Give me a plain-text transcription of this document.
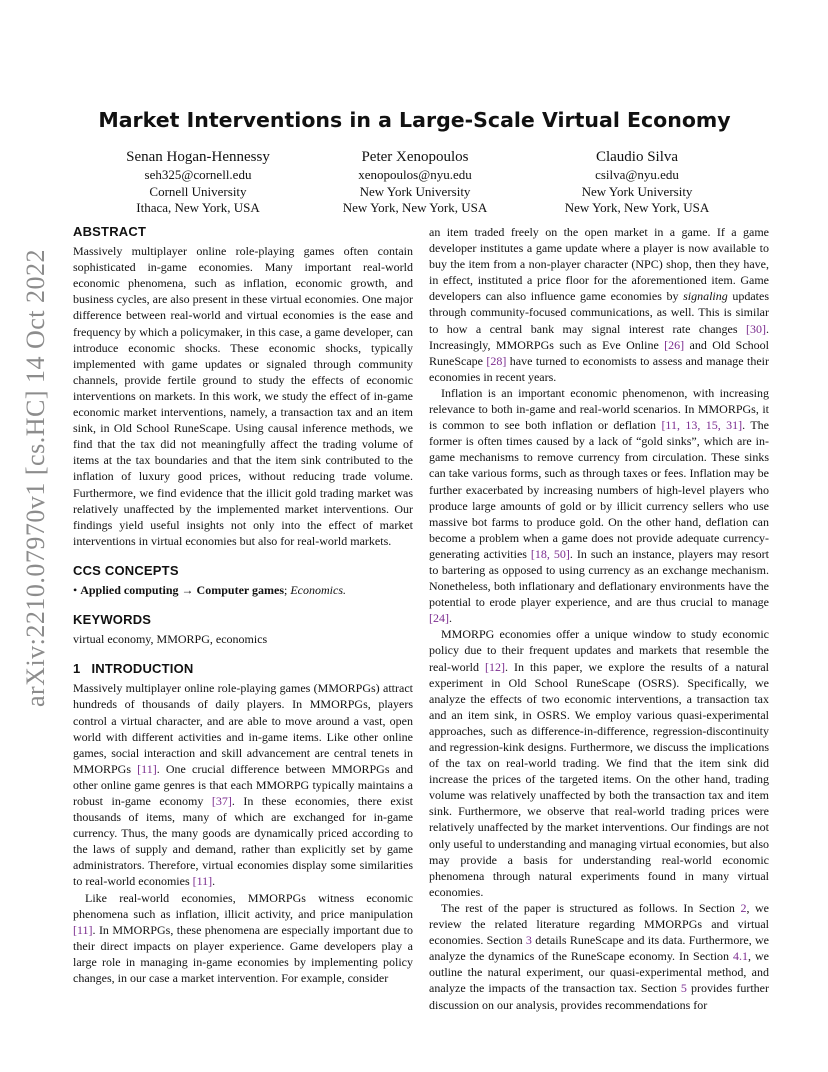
arXiv:2210.07970v1 [cs.HC] 14 Oct 2022
Market Interventions in a Large-Scale Virtual Economy
Senan Hogan-Hennessy
seh325@cornell.edu
Cornell University
Ithaca, New York, USA
Peter Xenopoulos
xenopoulos@nyu.edu
New York University
New York, New York, USA
Claudio Silva
csilva@nyu.edu
New York University
New York, New York, USA
ABSTRACT

Massively multiplayer online role-playing games often contain sophisticated in-game economies. Many important real-world economic phenomena, such as inflation, economic growth, and business cycles, are also present in these virtual economies. One major difference between real-world and virtual economies is the ease and frequency by which a policymaker, in this case, a game developer, can introduce economic shocks. These economic shocks, typically implemented with game updates or signaled through community channels, provide fertile ground to study the effects of economic interventions on markets. In this work, we study the effect of in-game economic market interventions, namely, a transaction tax and an item sink, in Old School RuneScape. Using causal inference methods, we find that the tax did not meaningfully affect the trading volume of items at the tax boundaries and that the item sink contributed to the inflation of luxury good prices, without reducing trade volume. Furthermore, we find evidence that the illicit gold trading market was relatively unaffected by the implemented market interventions. Our findings yield useful insights not only into the effect of market interventions in virtual economies but also for real-world markets.

CCS CONCEPTS

• Applied computing → Computer games; Economics.

KEYWORDS

virtual economy, MMORPG, economics

1 INTRODUCTION

Massively multiplayer online role-playing games (MMORPGs) attract hundreds of thousands of daily players. In MMORPGs, players control a virtual character, and are able to move around a vast, open world with different activities and in-game items. Like other online games, social interaction and skill advancement are central tenets in MMORPGs [11]. One crucial difference between MMORPGs and other online game genres is that each MMORPG typically maintains a robust in-game economy [37]. In these economies, there exist thousands of items, many of which are exchanged for in-game currency. Thus, the many goods are dynamically priced according to the laws of supply and demand, rather than explicitly set by game administrators. Therefore, virtual economies display some similarities to real-world economies [11].

Like real-world economies, MMORPGs witness economic phenomena such as inflation, illicit activity, and price manipulation [11]. In MMORPGs, these phenomena are especially important due to their direct impacts on player experience. Game developers play a large role in managing in-game economies by implementing policy changes, in our case a market intervention. For example, consider

an item traded freely on the open market in a game. If a game developer institutes a game update where a player is now available to buy the item from a non-player character (NPC) shop, then they have, in effect, instituted a price floor for the aforementioned item. Game developers can also influence game economies by signaling updates through community-focused communications, as well. This is similar to how a central bank may signal interest rate changes [30]. Increasingly, MMORPGs such as Eve Online [26] and Old School RuneScape [28] have turned to economists to assess and manage their economies in recent years.

Inflation is an important economic phenomenon, with increasing relevance to both in-game and real-world scenarios. In MMORPGs, it is common to see both inflation or deflation [11, 13, 15, 31]. The former is often times caused by a lack of “gold sinks”, which are in-game mechanisms to remove currency from circulation. These sinks can take various forms, such as through taxes or fees. Inflation may be further exacerbated by increasing numbers of high-level players who produce large amounts of gold or by illicit currency sellers who use massive bot farms to produce gold. On the other hand, deflation can become a problem when a game does not provide adequate currency-generating activities [18, 50]. In such an instance, players may resort to bartering as opposed to using currency as an exchange mechanism. Nonetheless, both inflationary and deflationary environments have the potential to erode player experience, and are thus crucial to manage [24].

MMORPG economies offer a unique window to study economic policy due to their frequent updates and markets that resemble the real-world [12]. In this paper, we explore the results of a natural experiment in Old School RuneScape (OSRS). Specifically, we analyze the effects of two economic interventions, a transaction tax and an item sink, in OSRS. We employ various quasi-experimental approaches, such as difference-in-difference, regression-discontinuity and regression-kink designs. Furthermore, we discuss the implications of the tax on real-world trading. We find that the item sink did increase the prices of the targeted items. On the other hand, trading volume was relatively unaffected by both the transaction tax and item sink. Furthermore, we observe that real-world trading prices were relatively unaffected by the market interventions. Our findings are not only useful to understanding and managing virtual economies, but also may provide a basis for understanding real-world economic phenomena through natural experiments found in many virtual economies.

The rest of the paper is structured as follows. In Section 2, we review the related literature regarding MMORPGs and virtual economies. Section 3 details RuneScape and its data. Furthermore, we analyze the dynamics of the RuneScape economy. In Section 4.1, we outline the natural experiment, our quasi-experimental method, and analyze the impacts of the transaction tax. Section 5 provides further discussion on our analysis, provides recommendations for
